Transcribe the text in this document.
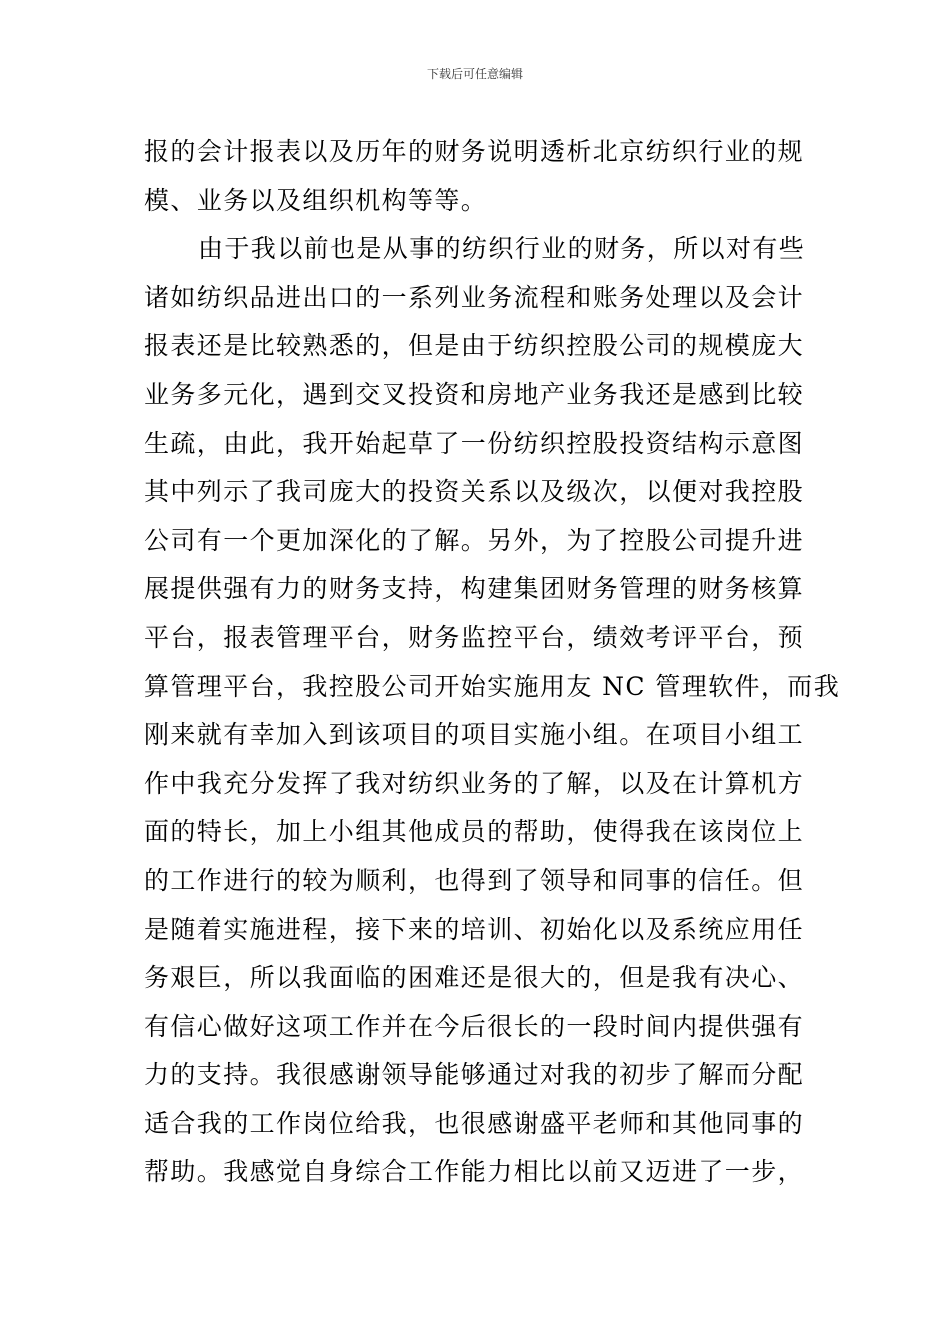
下载后可任意编辑
报的会计报表以及历年的财务说明透析北京纺织行业的规
模、业务以及组织机构等等。
由于我以前也是从事的纺织行业的财务，所以对有些
诸如纺织品进出口的一系列业务流程和账务处理以及会计
报表还是比较熟悉的，但是由于纺织控股公司的规模庞大
业务多元化，遇到交叉投资和房地产业务我还是感到比较
生疏，由此，我开始起草了一份纺织控股投资结构示意图
其中列示了我司庞大的投资关系以及级次，以便对我控股
公司有一个更加深化的了解。另外，为了控股公司提升进
展提供强有力的财务支持，构建集团财务管理的财务核算
平台，报表管理平台，财务监控平台，绩效考评平台，预
算管理平台，我控股公司开始实施用友 NC 管理软件，而我
刚来就有幸加入到该项目的项目实施小组。在项目小组工
作中我充分发挥了我对纺织业务的了解，以及在计算机方
面的特长，加上小组其他成员的帮助，使得我在该岗位上
的工作进行的较为顺利，也得到了领导和同事的信任。但
是随着实施进程，接下来的培训、初始化以及系统应用任
务艰巨，所以我面临的困难还是很大的，但是我有决心、
有信心做好这项工作并在今后很长的一段时间内提供强有
力的支持。我很感谢领导能够通过对我的初步了解而分配
适合我的工作岗位给我，也很感谢盛平老师和其他同事的
帮助。我感觉自身综合工作能力相比以前又迈进了一步，
